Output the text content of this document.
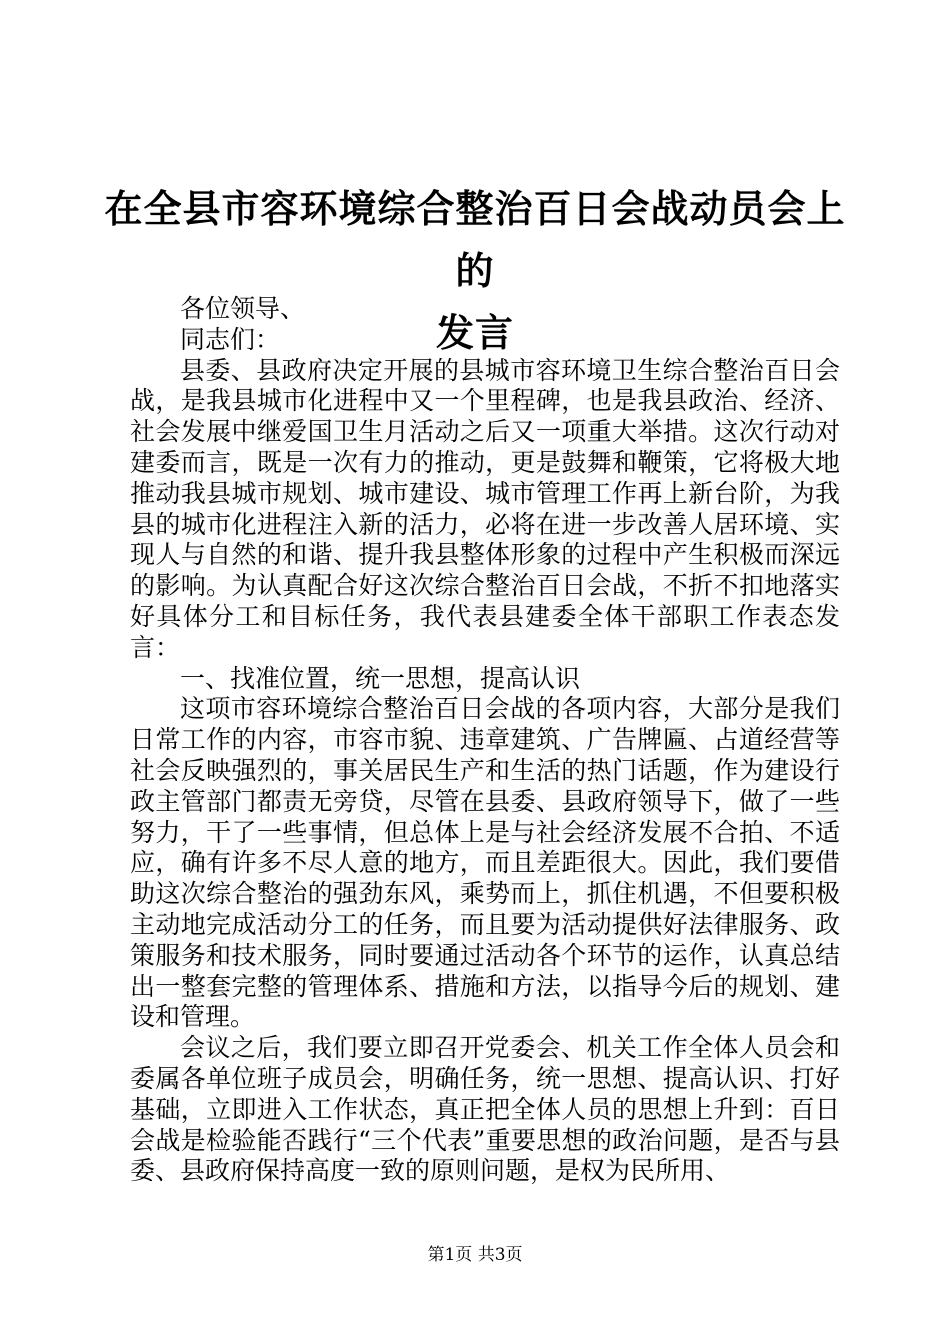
在全县市容环境综合整治百日会战动员会上的
发言

各位领导、

同志们：

县委、县政府决定开展的县城市容环境卫生综合整治百日会战，是我县城市化进程中又一个里程碑，也是我县政治、经济、社会发展中继爱国卫生月活动之后又一项重大举措。这次行动对建委而言，既是一次有力的推动，更是鼓舞和鞭策，它将极大地推动我县城市规划、城市建设、城市管理工作再上新台阶，为我县的城市化进程注入新的活力，必将在进一步改善人居环境、实现人与自然的和谐、提升我县整体形象的过程中产生积极而深远的影响。为认真配合好这次综合整治百日会战，不折不扣地落实好具体分工和目标任务，我代表县建委全体干部职工作表态发言：

一、找准位置，统一思想，提高认识

这项市容环境综合整治百日会战的各项内容，大部分是我们日常工作的内容，市容市貌、违章建筑、广告牌匾、占道经营等社会反映强烈的，事关居民生产和生活的热门话题，作为建设行政主管部门都责无旁贷，尽管在县委、县政府领导下，做了一些努力，干了一些事情，但总体上是与社会经济发展不合拍、不适应，确有许多不尽人意的地方，而且差距很大。因此，我们要借助这次综合整治的强劲东风，乘势而上，抓住机遇，不但要积极主动地完成活动分工的任务，而且要为活动提供好法律服务、政策服务和技术服务，同时要通过活动各个环节的运作，认真总结出一整套完整的管理体系、措施和方法，以指导今后的规划、建设和管理。

会议之后，我们要立即召开党委会、机关工作全体人员会和委属各单位班子成员会，明确任务，统一思想、提高认识、打好基础，立即进入工作状态，真正把全体人员的思想上升到：百日会战是检验能否践行“三个代表”重要思想的政治问题，是否与县委、县政府保持高度一致的原则问题，是权为民所用、

第1页 共3页
